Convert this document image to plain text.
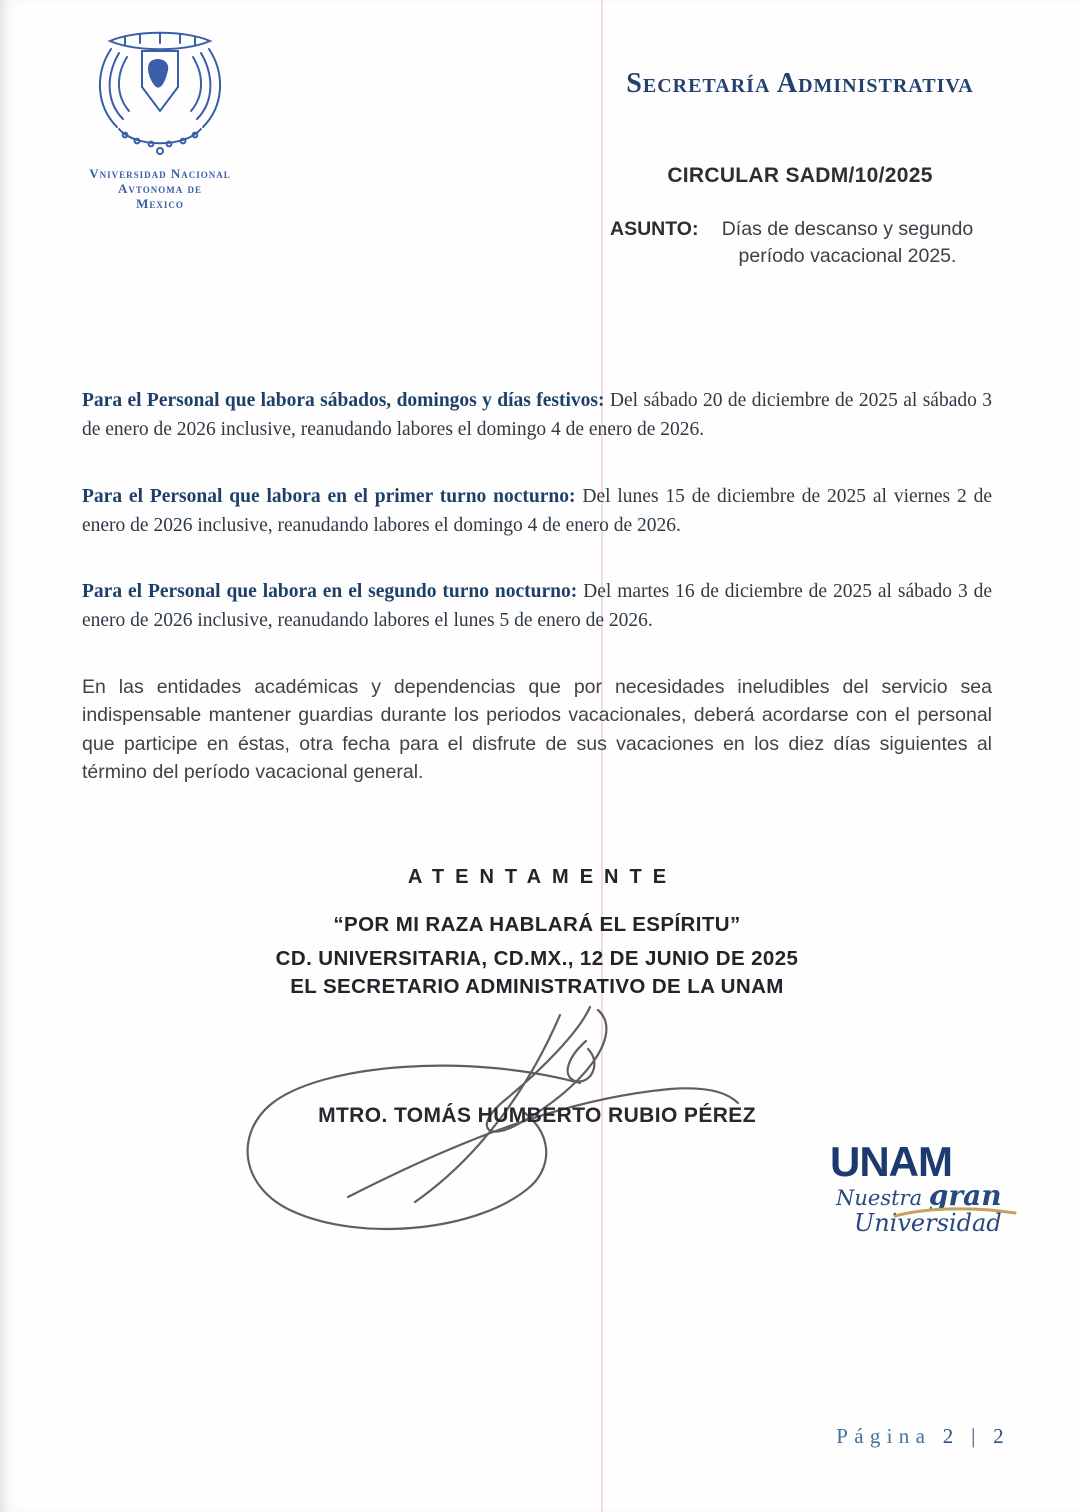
Vniversidad Nacional
Avtonoma de
Mexico
Secretaría Administrativa
CIRCULAR SADM/10/2025
ASUNTO:	Días de descanso y segundo período vacacional 2025.

Para el Personal que labora sábados, domingos y días festivos: Del sábado 20 de diciembre de 2025 al sábado 3 de enero de 2026 inclusive, reanudando labores el domingo 4 de enero de 2026.

Para el Personal que labora en el primer turno nocturno: Del lunes 15 de diciembre de 2025 al viernes 2 de enero de 2026 inclusive, reanudando labores el domingo 4 de enero de 2026.

Para el Personal que labora en el segundo turno nocturno: Del martes 16 de diciembre de 2025 al sábado 3 de enero de 2026 inclusive, reanudando labores el lunes 5 de enero de 2026.

En las entidades académicas y dependencias que por necesidades ineludibles del servicio sea indispensable mantener guardias durante los periodos vacacionales, deberá acordarse con el personal que participe en éstas, otra fecha para el disfrute de sus vacaciones en los diez días siguientes al término del período vacacional general.

ATENTAMENTE
“POR MI RAZA HABLARÁ EL ESPÍRITU”
CD. UNIVERSITARIA, CD.MX., 12 DE JUNIO DE 2025
EL SECRETARIO ADMINISTRATIVO DE LA UNAM
MTRO. TOMÁS HUMBERTO RUBIO PÉREZ
UNAM
Nuestra gran
Universidad
Página 2 | 2
